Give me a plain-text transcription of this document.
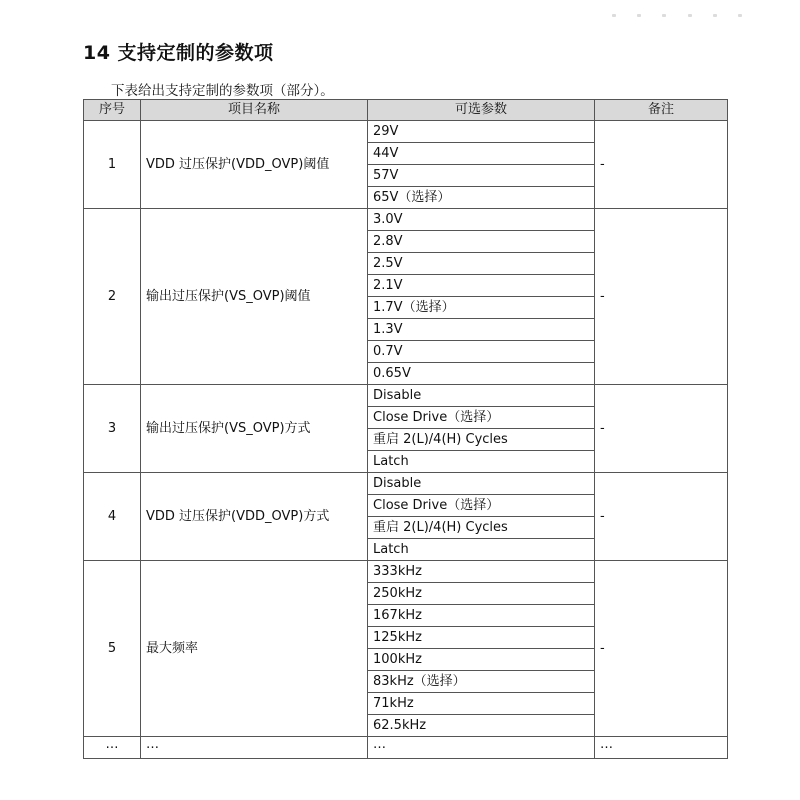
14 支持定制的参数项
下表给出支持定制的参数项（部分）。
序号	项目名称	可选参数	备注
1	VDD 过压保护(VDD_OVP)阈值	29V	-
		44V	
		57V	
		65V（选择）	
2	输出过压保护(VS_OVP)阈值	3.0V	-
		2.8V	
		2.5V	
		2.1V	
		1.7V（选择）	
		1.3V	
		0.7V	
		0.65V	
3	输出过压保护(VS_OVP)方式	Disable	-
		Close Drive（选择）	
		重启 2(L)/4(H) Cycles	
		Latch	
4	VDD 过压保护(VDD_OVP)方式	Disable	-
		Close Drive（选择）	
		重启 2(L)/4(H) Cycles	
		Latch	
5	最大频率	333kHz	-
		250kHz	
		167kHz	
		125kHz	
		100kHz	
		83kHz（选择）	
		71kHz	
		62.5kHz	
…	…	…	…
